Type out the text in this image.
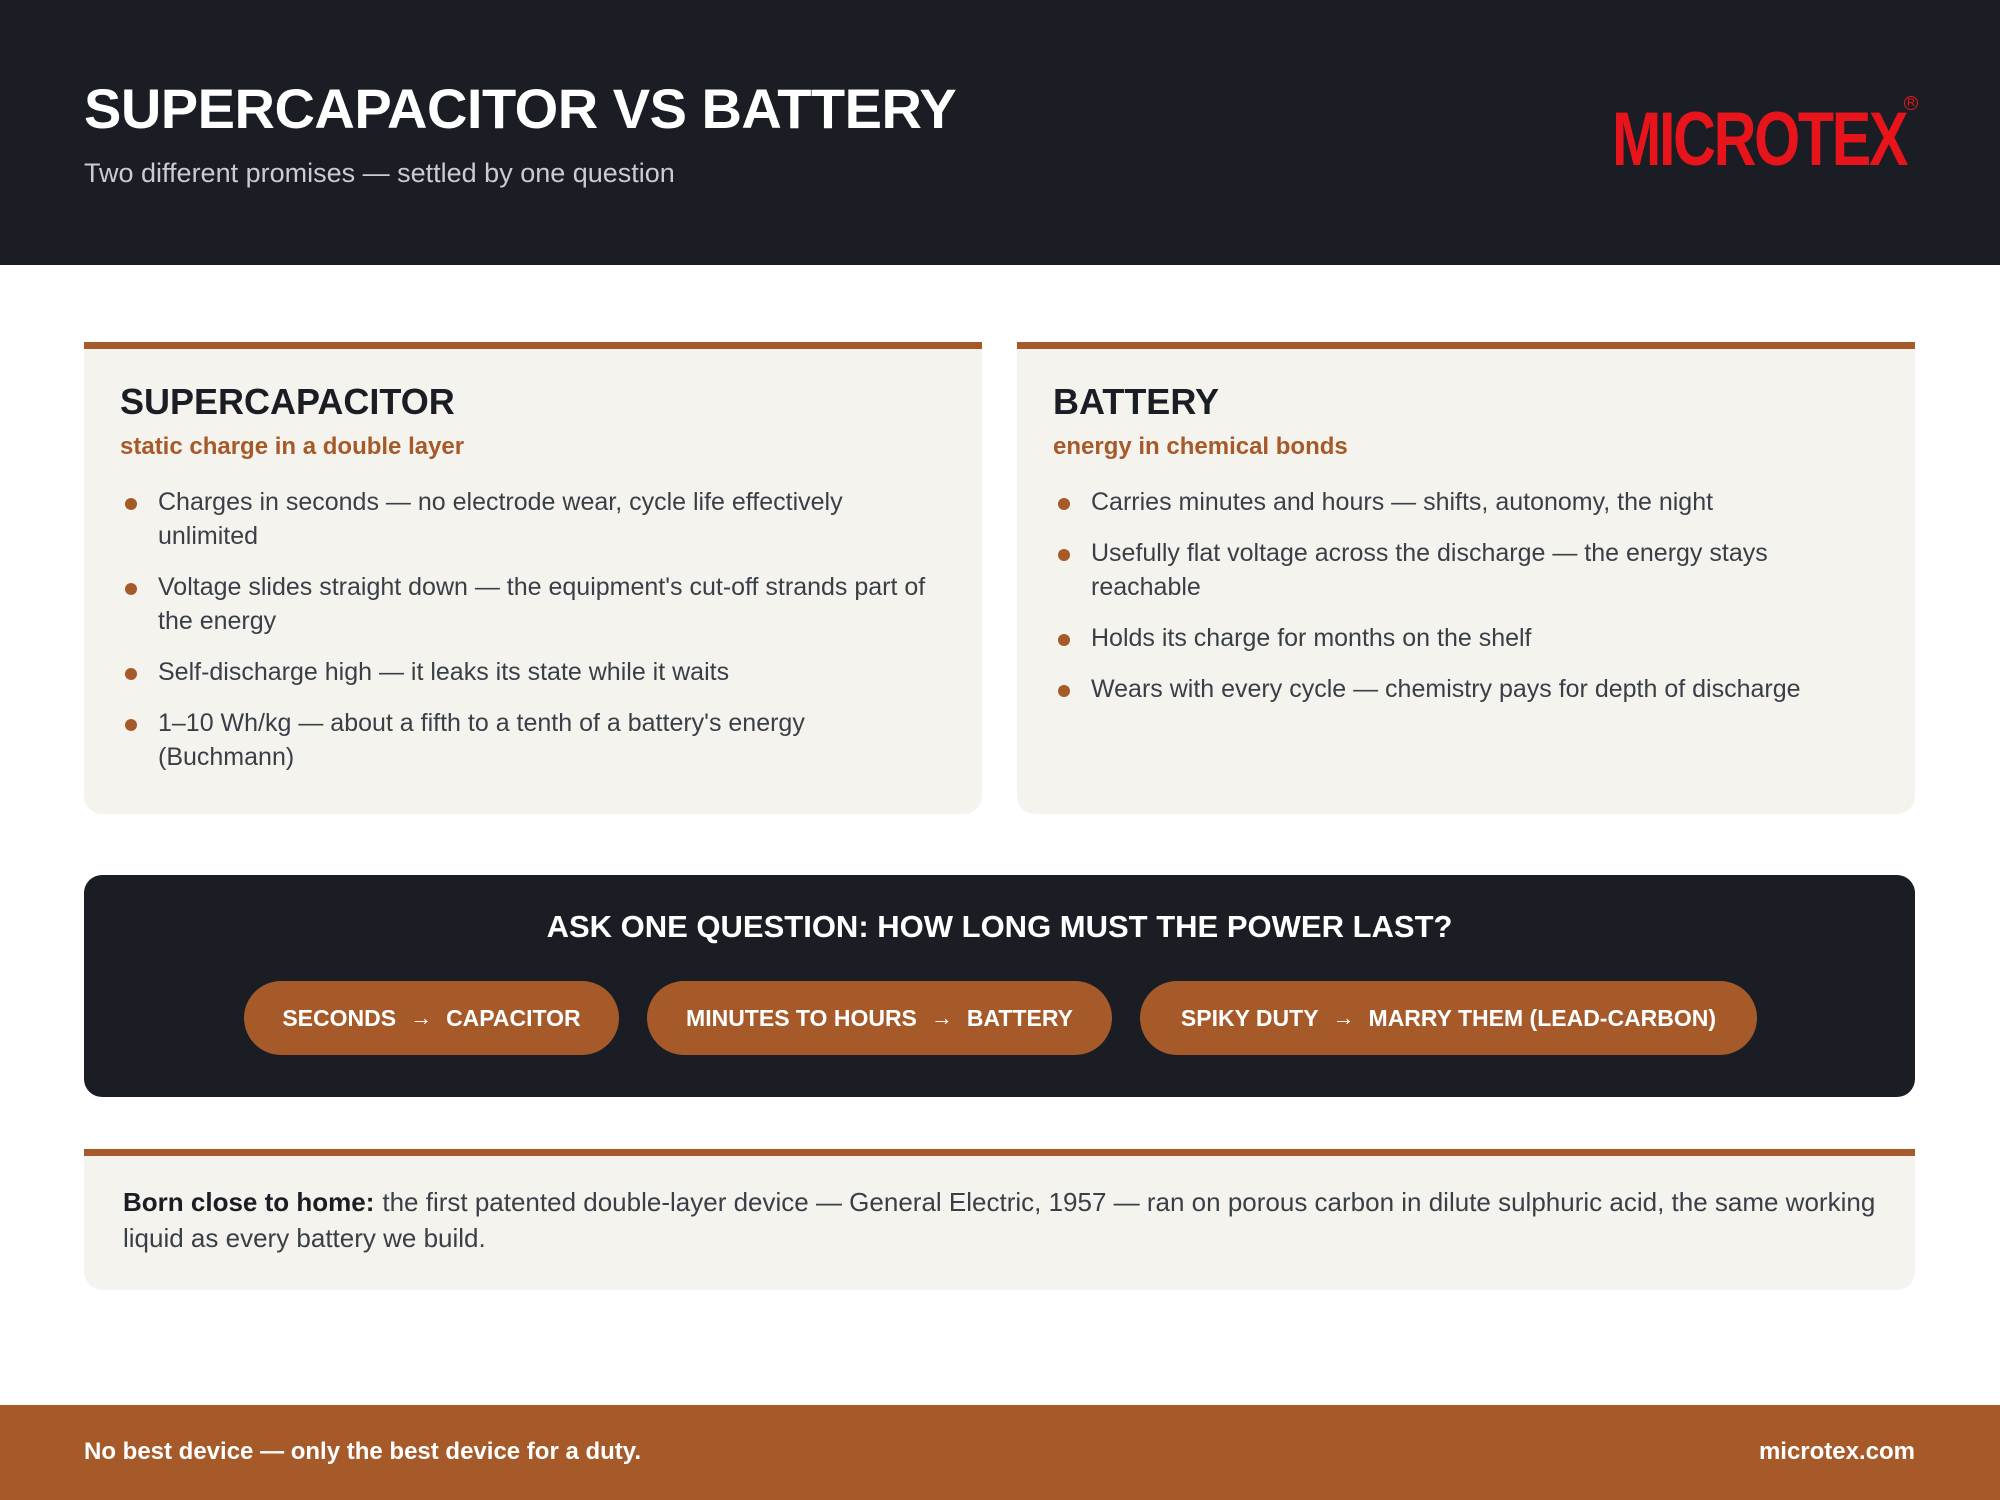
SUPERCAPACITOR VS BATTERY
Two different promises — settled by one question	MICROTEX R
SUPERCAPACITOR
static charge in a double layer
Charges in seconds — no electrode wear, cycle life effectively unlimited
Voltage slides straight down — the equipment's cut-off strands part of the energy
Self-discharge high — it leaks its state while it waits
1–10 Wh/kg — about a fifth to a tenth of a battery's energy (Buchmann)
BATTERY
energy in chemical bonds
Carries minutes and hours — shifts, autonomy, the night
Usefully flat voltage across the discharge — the energy stays reachable
Holds its charge for months on the shelf
Wears with every cycle — chemistry pays for depth of discharge
ASK ONE QUESTION: HOW LONG MUST THE POWER LAST?
SECONDS → CAPACITOR	MINUTES TO HOURS → BATTERY	SPIKY DUTY → MARRY THEM (LEAD-CARBON)

Born close to home: the first patented double-layer device — General Electric, 1957 — ran on porous carbon in dilute sulphuric acid, the same working liquid as every battery we build.

No best device — only the best device for a duty.	microtex.com
